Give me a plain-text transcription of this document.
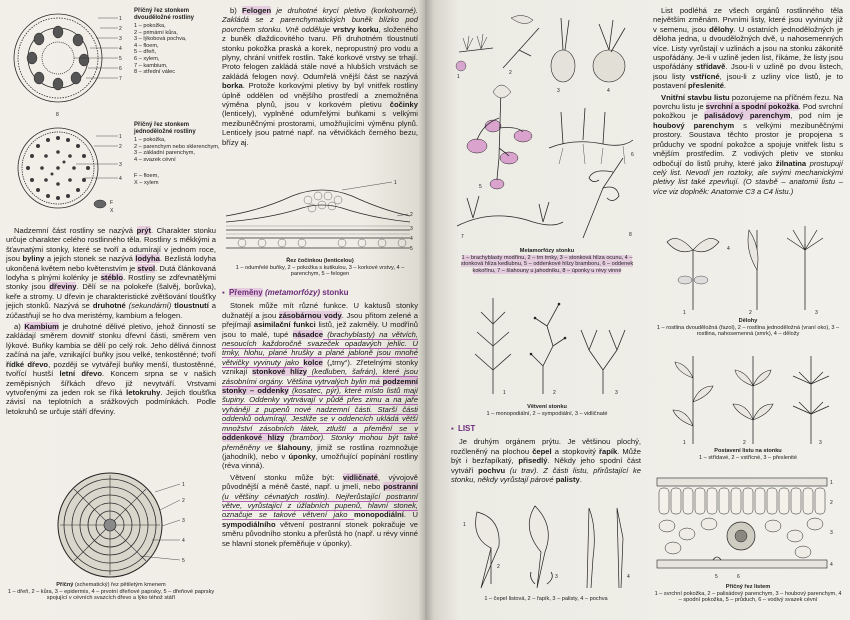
1
2
3
4
5
6
7
8
Příčný řez stonkem dvouděložné rostliny
1 – pokožka,
2 – primární kůra,
3 – lýkobová pochva,
4 – floem,
5 – dřeň,
6 – xylem,
7 – kambium,
8 – střední válec
1
2
3
4
F
X
Příčný řez stonkem jednoděložné rostliny
1 – pokožka,
2 – parenchym nebo sklerenchym,
3 – základní parenchym,
4 – svazek cévní
F – floem,
X – xylem

Nadzemní část rostliny se nazývá prýt. Charakter stonku určuje charakter celého rostlinného těla. Rostliny s měkkými a šťavnatými stonky, které se tvoří a odumírají v jednom roce, jsou byliny a jejich stonek se nazývá lodyha. Bezlistá lodyha ukončená květem nebo květenstvím je stvol. Dutá článkovaná lodyha s plnými kolénky je stéblo. Rostliny se zdřevnatělými stonky jsou dřeviny. Dělí se na polokeře (šalvěj, borůvka), keře a stromy. U dřevin je charakteristické zvětšování tloušťky jejich stonků. Nazývá se druhotné (sekundární) tloustnutí a zúčastňují se ho dva meristémy, kambium a felogen.

a) Kambium je druhotné dělivé pletivo, jehož činností se zakládají směrem dovnitř stonku dřevní části, směrem ven lýkové. Buňky kambia se dělí po celý rok. Jeho dělivá činnost začíná na jaře, vznikající buňky jsou velké, tenkostěnné; tvoří řídké dřevo, později se vytvářejí buňky menší, tlustostěnné, tvořící hustší letní dřevo. Koncem srpna se v našich zeměpisných šířkách dřevo již nevytváří. Vrstvami vytvořenými za jeden rok se říká letokruhy. Jejich tloušťka závisí na teplotních a srážkových podmínkách. Podle letokruhů se určuje stáří dřeviny.

1
2
3
4
5
Příčný (schematický) řez pětiletým kmenem
1 – dřeň, 2 – kůra, 3 – epidermis, 4 – prvotní dřeňové paprsky, 5 – dřeňové paprsky spojující v cévních svazcích dřevo a lýko téhož stáří

b) Felogen je druhotné krycí pletivo (korkotvorné). Zakládá se z parenchymatických buněk blízko pod povrchem stonku. Vně odděluje vrstvy korku, složeného z buněk dlaždicovitého tvaru. Při druhotném tloustnutí stonku pokožka praská a korek, nepropustný pro vodu a plyny, chrání vnitřek rostlin. Také korkové vrstvy se trhají. Proto felogen zakládá stále nové a hlubších vrstvách se zakládá felogen nový. Odumřelá vnější část se nazývá borka. Protože korkovými pletivy by byl vnitřek rostliny úplně oddělen od vnějšího prostředí a znemožněna výměna plynů, jsou v korkovém pletivu čočinky (lenticely), vyplněné odumřelými buňkami s velkými mezibuněčnými prostorami, umožňujícími výměnu plynů. Lenticely jsou patrné např. na větvičkách černého bezu, břízy aj.

1
2
3
4
5
Řez čočinkou (lenticelou)
1 – odumřelé buňky, 2 – pokožka s kutikulou, 3 – korkové vrstvy, 4 – parenchym, 5 – felogen

▪ Přeměny (metamorfózy) stonku

Stonek může mít různé funkce. U kaktusů stonky dužnatějí a jsou zásobárnou vody. Jsou přitom zelené a přejímají asimilační funkci listů, jež zakrněly. U modřínů jsou to malé, tupé násadce (brachyblasty) na větvích, nesoucích každoročně svazeček opadavých jehlic. U trnky, hlohu, plané hrušky a plané jabloně jsou mnohé větvičky vyvinuty jako kolce („trny“). Zřetelnými stonky vznikají stonkové hlízy (kedluben, šafrán), které jsou zásobními orgány. Většina vytrvalých bylin má podzemní stonky – oddenky (kosatec, pýr), které místo listů mají šupiny. Oddenky vytrvávají v půdě přes zimu a na jaře vyhánějí z pupenů nové nadzemní části. Starší části oddenků odumírají. Jestliže se v oddencích ukládá větší množství zásobních látek, ztluští a přemění se v oddenkové hlízy (brambor). Stonky mohou být také přeměněny ve šlahouny, jimiž se rostlina rozmnožuje (jahodník), nebo v úponky, umožňující popínání rostliny (réva vinná).

Větvení stonku může být: vidličnaté, vývojově původnější a méně časté, např. u jmelí, nebo postranní (u většiny cévnatých rostlin). Nejřerůstající postranní větve, vyrůstající z úžlabních pupenů, hlavní stonek, označuje se takové větvení jako monopodiální. U sympodiálního větvení postranní stonek pokračuje ve směru původního stonku a přerůstá ho (např. u révy vinné se hlavní stonek přeměňuje v úponky).

1
2
3	4
5
6
7	8
Metamorfózy stonku
1 – brachyblasty modřínu, 2 – trn trnky, 3 – stonková hlíza ocunu, 4 – stonková hlíza kedlubnu, 5 – oddenkové hlízy bramboru, 6 – oddenek kokořínu, 7 – šlahouny u jahodníku, 8 – úponky u révy vinné
1	2	3
Větvení stonku
1 – monopodiální, 2 – sympodiální, 3 – vidličnaté

▪ LIST

Je druhým orgánem prýtu. Je většinou plochý, rozčleněný na plochou čepel a stopkovitý řapík. Může být i bezřapíkatý, přisedlý. Někdy jeho spodní část vytváří pochvu (u trav). Z části listu, přirůstající ke stonku, někdy vyrůstají párové palisty.

1
2
3	4
1 – čepel listová, 2 – řapík, 3 – palisty, 4 – pochva

List podléhá ze všech orgánů rostlinného těla největším změnám. Prvními listy, které jsou vyvinuty již v semenu, jsou dělohy. U ostatních jednoděložných je děloha jedna, u dvouděložných dvě, u nahosemenných více. Listy vyrůstají v uzlinách a jsou na stonku zákonitě uspořádány. Je-li v uzlině jeden list, říkáme, že listy jsou uspořádány střídavě. Jsou-li v uzlině po dvou listech, jsou listy vstřícné, jsou-li z uzliny více listů, je to postavení přeslenité.

Vnitřní stavbu listu pozorujeme na příčném řezu. Na povrchu listu je svrchní a spodní pokožka. Pod svrchní pokožkou je palisádový parenchym, pod ním je houbový parenchym s velkými mezibuněčnými prostory. Soustava těchto prostor je propojena s průduchy ve spodní pokožce a spojuje vnitřek listu s vnějším prostředím. Z vodivých pletiv ve stonku odbočují do listů pruhy, které jako žilnatina prostupují celý list. Nevodí jen roztoky, ale svými mechanickými pletivy list také zpevňují. (O stavbě – anatomii listu – více viz doplněk: Anatomie C3 a C4 listu.)

1	2	3
4
Dělohy
1 – rostlina dvouděložná (fazol), 2 – rostlina jednoděložná (vraní oko), 3 – rostlina, nahosemenná (smrk), 4 – děložy
1	2	3
Postavení listu na stonku
1 – střídavé, 2 – vstřícné, 3 – přeslenité
1
2
3
4
5	6
Příčný řez listem
1 – svrchní pokožka, 2 – palisádový parenchym, 3 – houbový parenchym, 4 – spodní pokožka, 5 – průduch, 6 – vodivý svazek cévní
